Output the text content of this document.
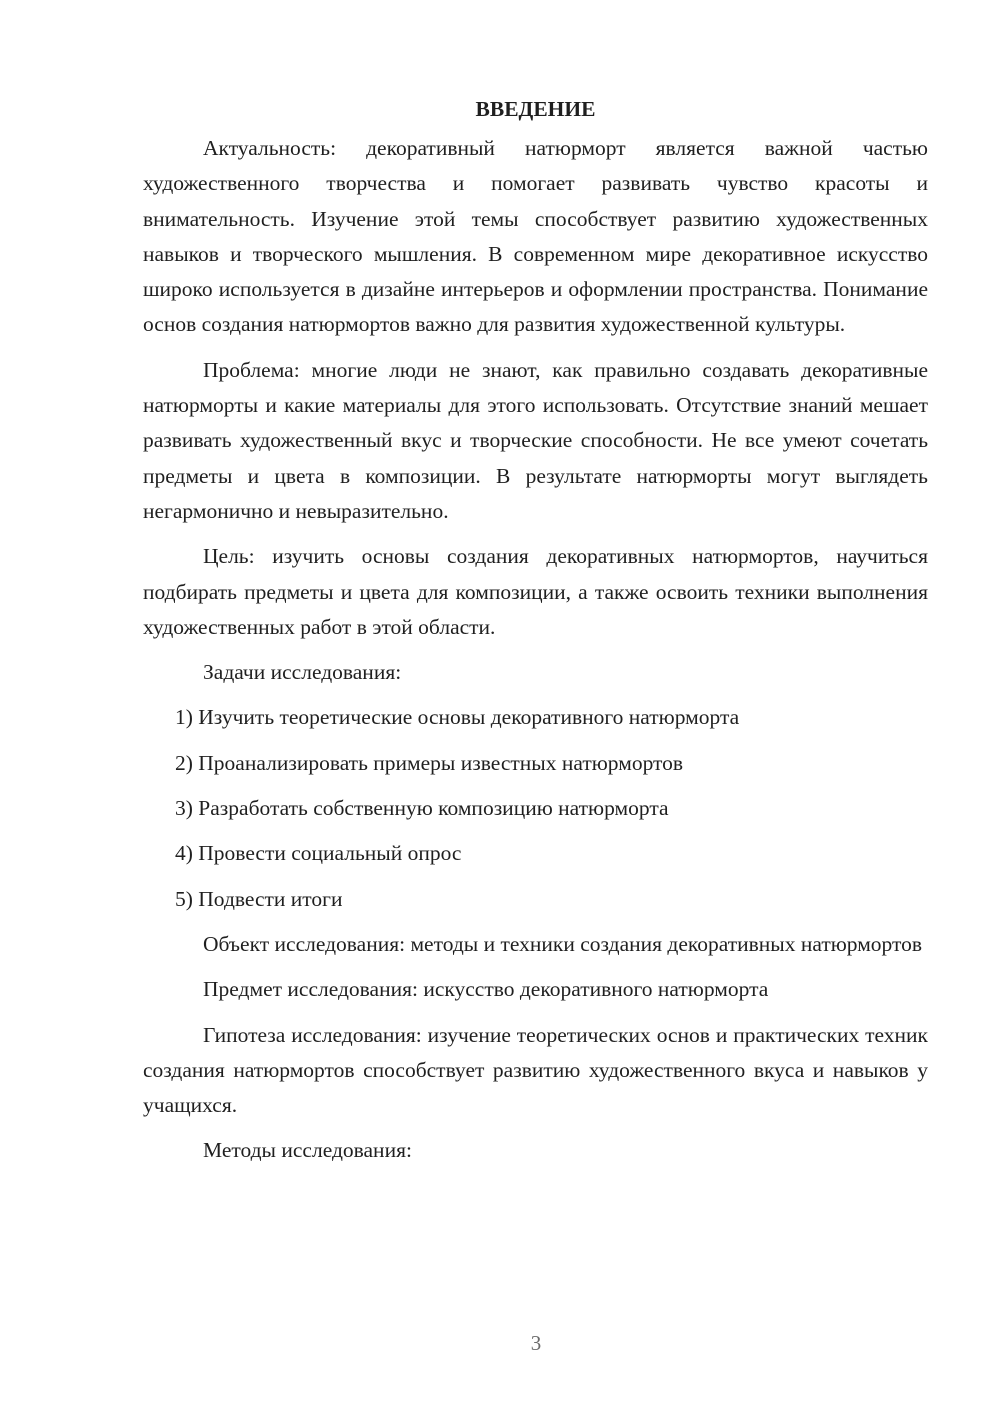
ВВЕДЕНИЕ

Актуальность: декоративный натюрморт является важной частью художественного творчества и помогает развивать чувство красоты и внимательность. Изучение этой темы способствует развитию художественных навыков и творческого мышления. В современном мире декоративное искусство широко используется в дизайне интерьеров и оформлении пространства. Понимание основ создания натюрмортов важно для развития художественной культуры.

Проблема: многие люди не знают, как правильно создавать декоративные натюрморты и какие материалы для этого использовать. Отсутствие знаний мешает развивать художественный вкус и творческие способности. Не все умеют сочетать предметы и цвета в композиции. В результате натюрморты могут выглядеть негармонично и невыразительно.

Цель: изучить основы создания декоративных натюрмортов, научиться подбирать предметы и цвета для композиции, а также освоить техники выполнения художественных работ в этой области.

Задачи исследования:

1) Изучить теоретические основы декоративного натюрморта
2) Проанализировать примеры известных натюрмортов
3) Разработать собственную композицию натюрморта
4) Провести социальный опрос
5) Подвести итоги

Объект исследования: методы и техники создания декоративных натюрмортов

Предмет исследования: искусство декоративного натюрморта

Гипотеза исследования: изучение теоретических основ и практических техник создания натюрмортов способствует развитию художественного вкуса и навыков у учащихся.

Методы исследования:

3
